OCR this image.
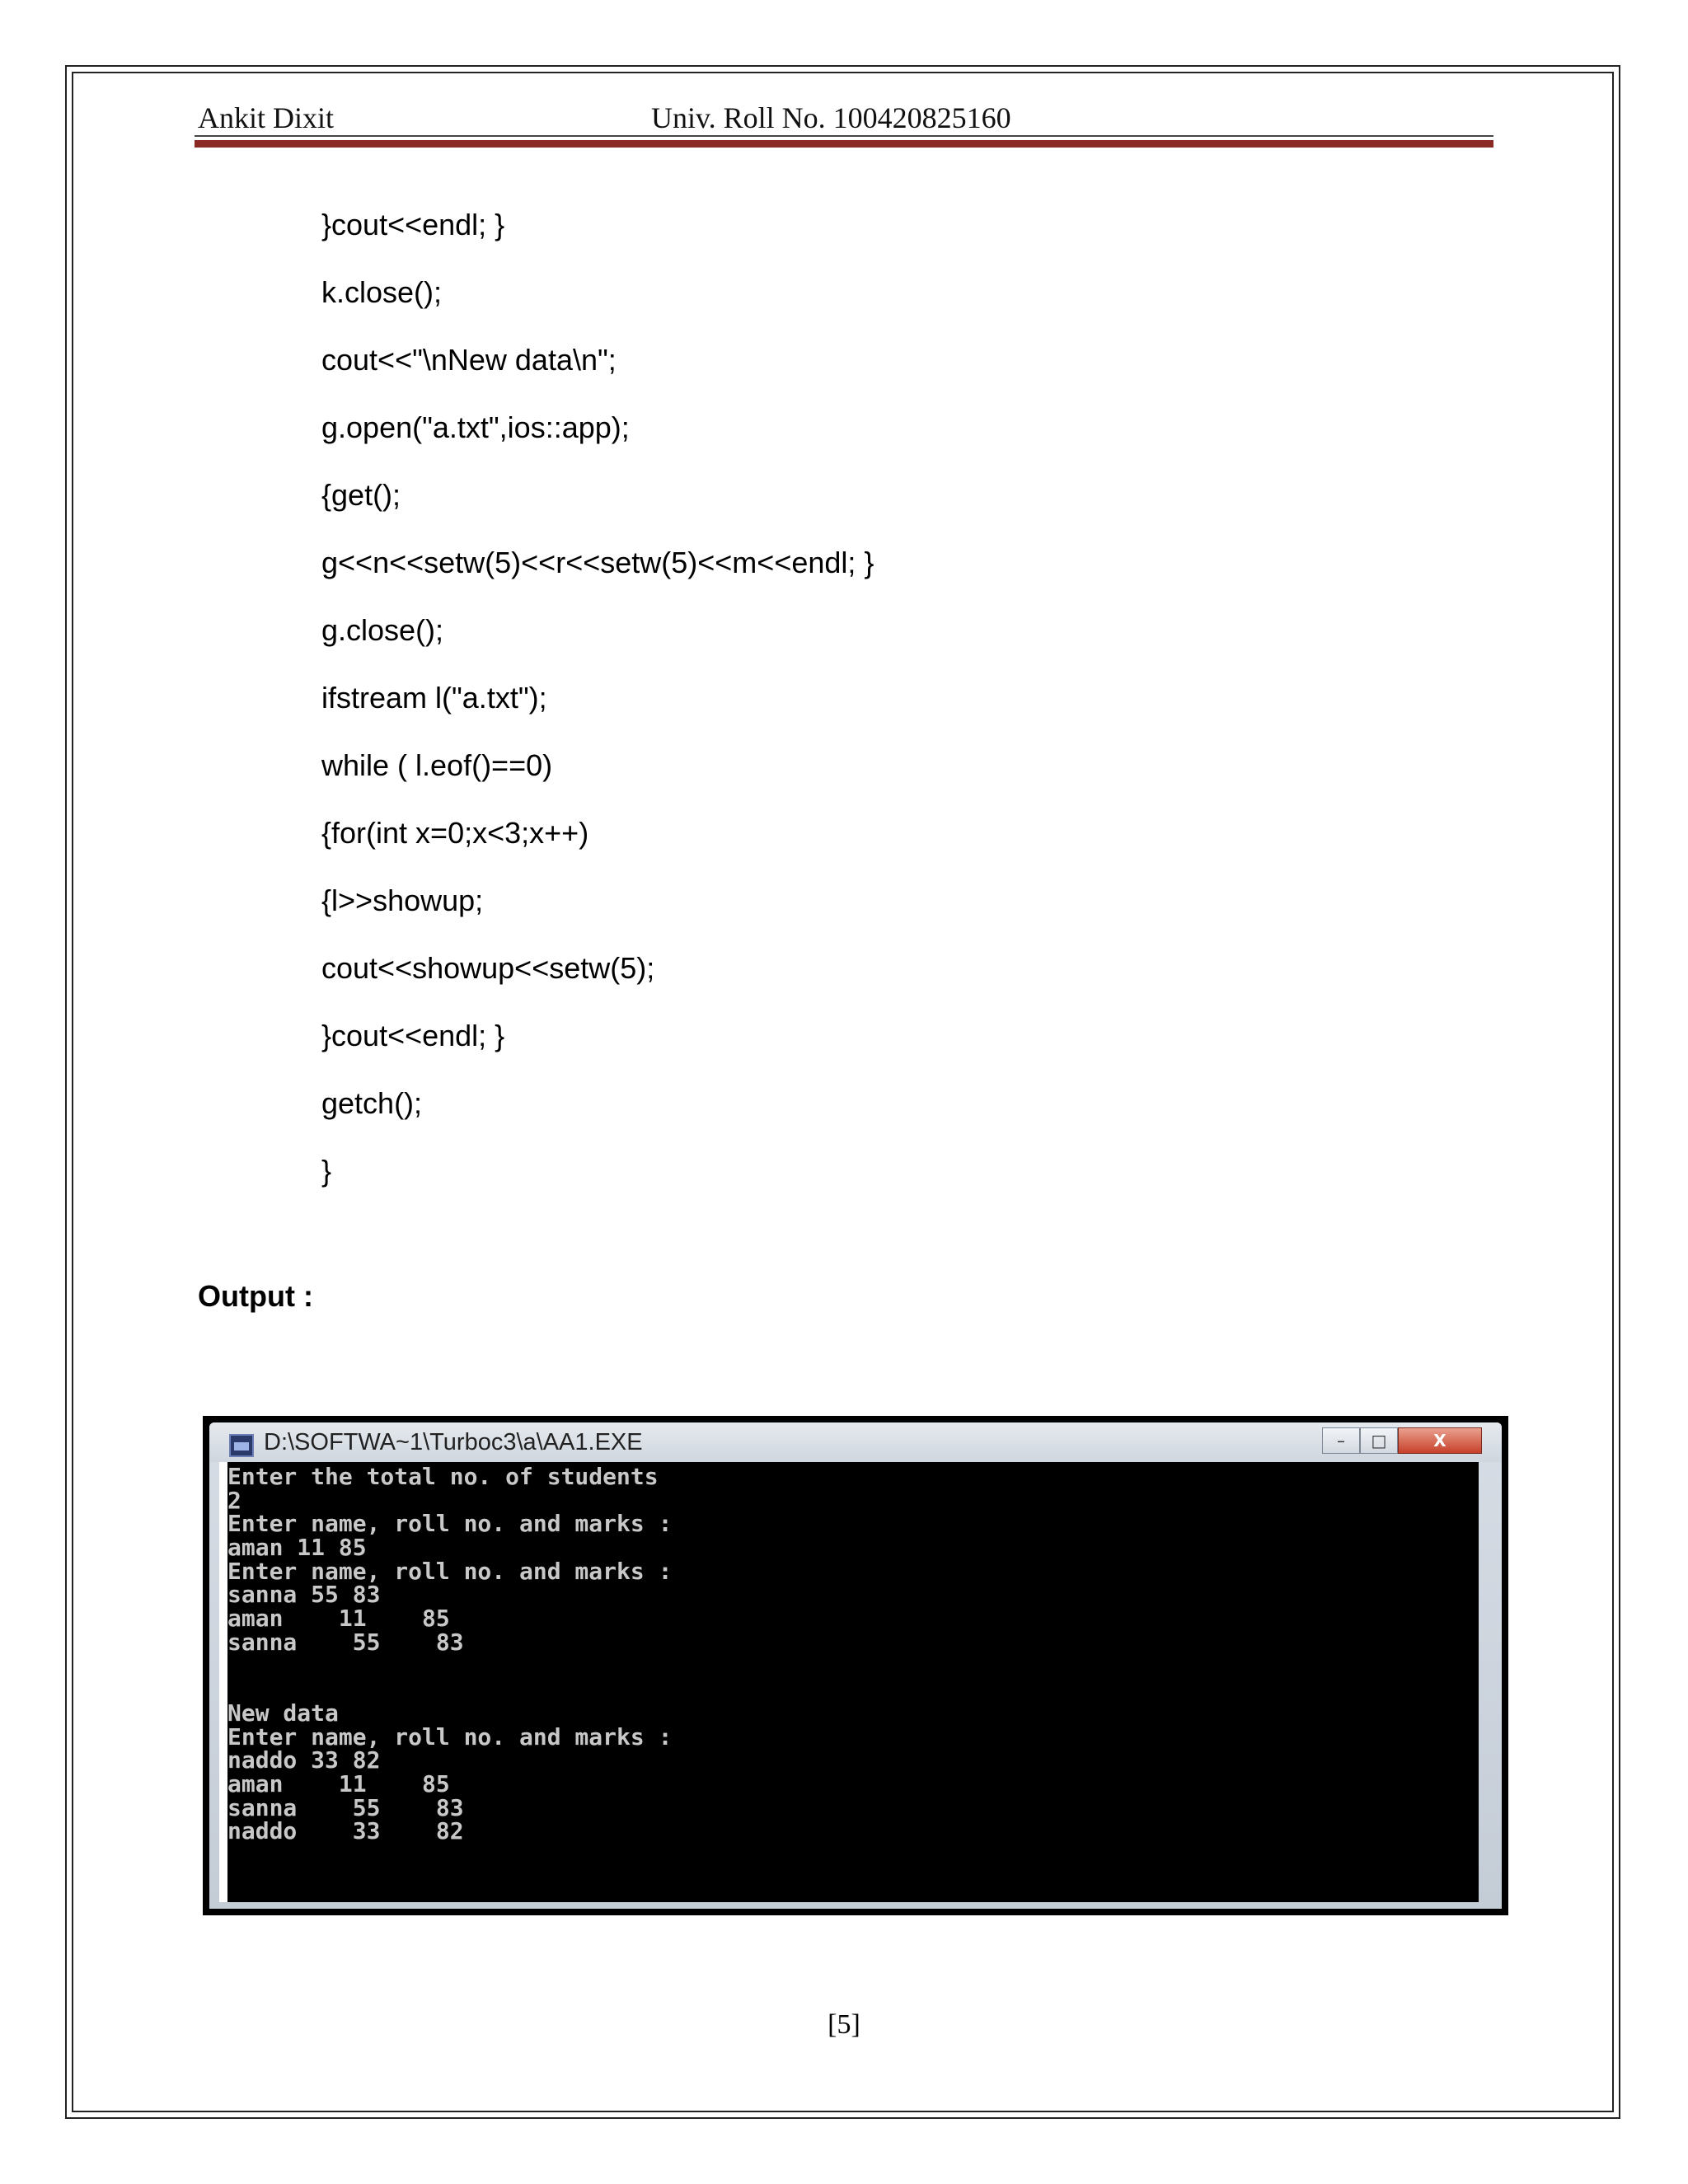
Ankit Dixit	Univ. Roll No. 100420825160
}cout<<endl; }
k.close();
cout<<"\nNew data\n";
g.open("a.txt",ios::app);
{get();
g<<n<<setw(5)<<r<<setw(5)<<m<<endl; }
g.close();
ifstream l("a.txt");
while ( l.eof()==0)
{for(int x=0;x<3;x++)
{l>>showup;
cout<<showup<<setw(5);
}cout<<endl; }
getch();
}
Output :
D:\SOFTWA~1\Turboc3\a\AA1.EXE	–	□	X
Enter the total no. of students
2
Enter name, roll no. and marks :
aman 11 85
Enter name, roll no. and marks :
sanna 55 83
aman    11    85
sanna    55    83
New data
Enter name, roll no. and marks :
naddo 33 82
aman    11    85
sanna    55    83
naddo    33    82
[5]
